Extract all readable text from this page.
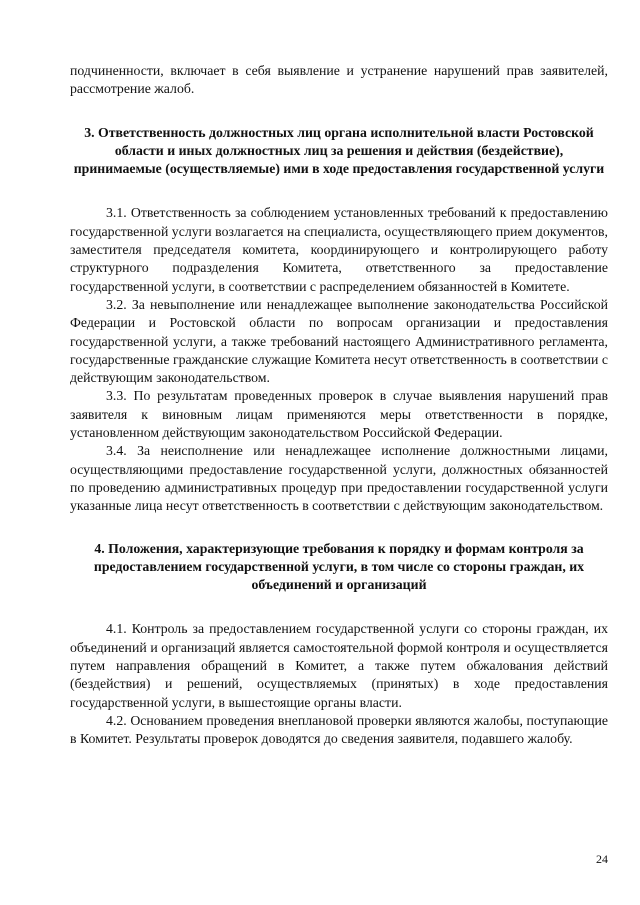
подчиненности, включает в себя выявление и устранение нарушений прав заявителей, рассмотрение жалоб.

3. Ответственность должностных лиц органа исполнительной власти Ростовской области и иных должностных лиц за решения и действия (бездействие), принимаемые (осуществляемые) ими в ходе предоставления государственной услуги

3.1. Ответственность за соблюдением установленных требований к предоставлению государственной услуги возлагается на специалиста, осуществляющего прием документов, заместителя председателя комитета, координирующего и контролирующего работу структурного подразделения Комитета, ответственного за предоставление государственной услуги, в соответствии с распределением обязанностей в Комитете.

3.2. За невыполнение или ненадлежащее выполнение законодательства Российской Федерации и Ростовской области по вопросам организации и предоставления государственной услуги, а также требований настоящего Административного регламента, государственные гражданские служащие Комитета несут ответственность в соответствии с действующим законодательством.

3.3. По результатам проведенных проверок в случае выявления нарушений прав заявителя к виновным лицам применяются меры ответственности в порядке, установленном действующим законодательством Российской Федерации.

3.4. За неисполнение или ненадлежащее исполнение должностными лицами, осуществляющими предоставление государственной услуги, должностных обязанностей по проведению административных процедур при предоставлении государственной услуги указанные лица несут ответственность в соответствии с действующим законодательством.

4. Положения, характеризующие требования к порядку и формам контроля за предоставлением государственной услуги, в том числе со стороны граждан, их объединений и организаций

4.1. Контроль за предоставлением государственной услуги со стороны граждан, их объединений и организаций является самостоятельной формой контроля и осуществляется путем направления обращений в Комитет, а также путем обжалования действий (бездействия) и решений, осуществляемых (принятых) в ходе предоставления государственной услуги, в вышестоящие органы власти.

4.2. Основанием проведения внеплановой проверки являются жалобы, поступающие в Комитет. Результаты проверок доводятся до сведения заявителя, подавшего жалобу.

24
